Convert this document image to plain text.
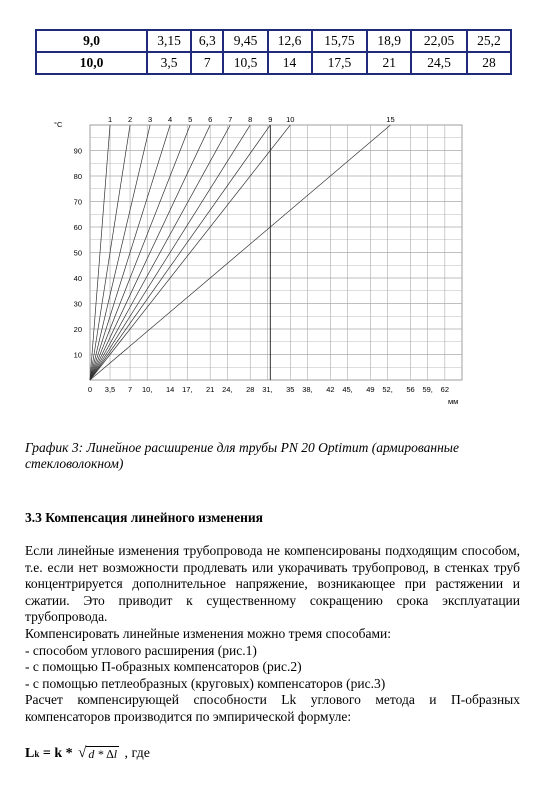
9,0	3,15	6,3	9,45	12,6	15,75	18,9	22,05	25,2
10,0	3,5	7	10,5	14	17,5	21	24,5	28
1 2 3 4 5 6 7 8 9 10	15
10
20
30
40
50
60
70
80
90
0 3,5 7 10, 14 17, 21 24, 28 31, 35 38, 42 45, 49 52, 56 59, 62
°C
мм
График 3: Линейное расширение для трубы PN 20 Optimum (армированные стекловолокном)
3.3 Компенсация линейного изменения

Если линейные изменения трубопровода не компенсированы подходящим способом, т.е. если нет возможности продлевать или укорачивать трубопровод, в стенках труб концентрируется дополнительное напряжение, возникающее при растяжении и сжатии. Это приводит к существенному сокращению срока эксплуатации трубопровода.

Компенсировать линейные изменения можно тремя способами:

- способом углового расширения (рис.1)

- с помощью П-образных компенсаторов (рис.2)

- с помощью петлеобразных (круговых) компенсаторов (рис.3)

Расчет компенсирующей способности Lk углового метода и П-образных компенсаторов производится по эмпирической формуле:

L k = k * √ d * ∆l , где
